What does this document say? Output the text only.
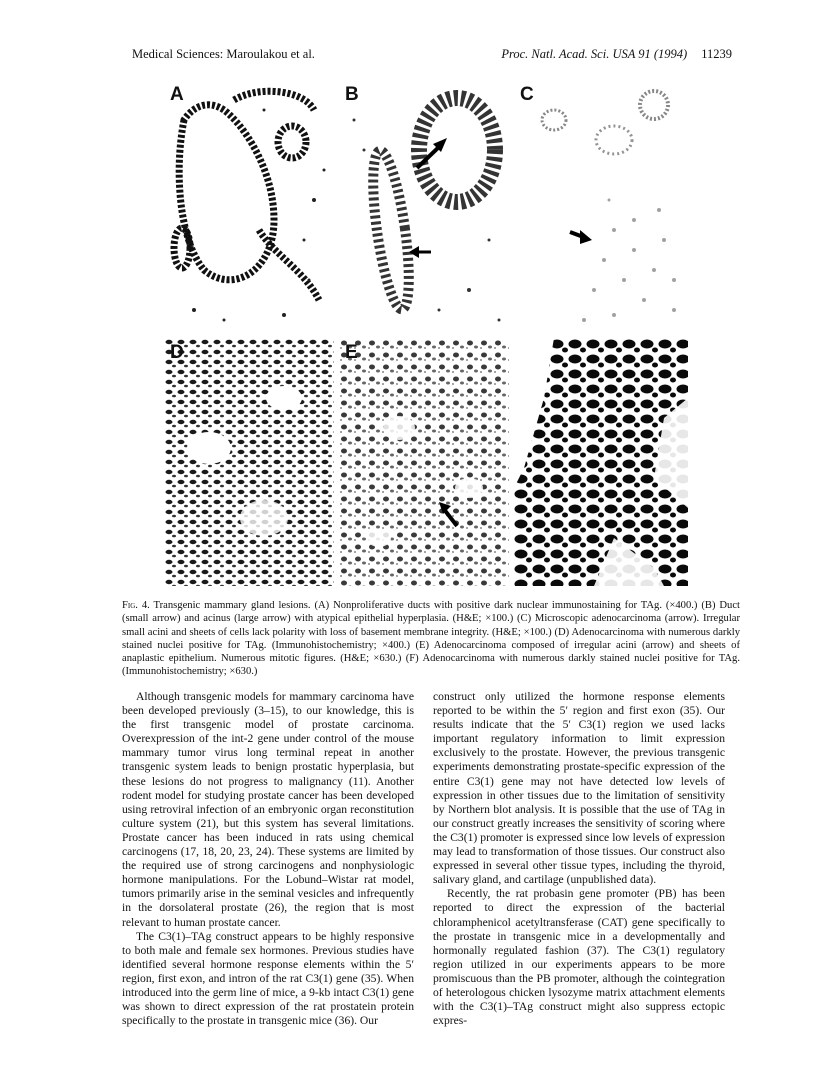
Medical Sciences: Maroulakou et al.	Proc. Natl. Acad. Sci. USA 91 (1994) 11239
A	B	C
D	E	F
Fig. 4. Transgenic mammary gland lesions. (A) Nonproliferative ducts with positive dark nuclear immunostaining for TAg. (×400.) (B) Duct (small arrow) and acinus (large arrow) with atypical epithelial hyperplasia. (H&E; ×100.) (C) Microscopic adenocarcinoma (arrow). Irregular small acini and sheets of cells lack polarity with loss of basement membrane integrity. (H&E; ×100.) (D) Adenocarcinoma with numerous darkly stained nuclei positive for TAg. (Immunohistochemistry; ×400.) (E) Adenocarcinoma composed of irregular acini (arrow) and sheets of anaplastic epithelium. Numerous mitotic figures. (H&E; ×630.) (F) Adenocarcinoma with numerous darkly stained nuclei positive for TAg. (Immunohistochemistry; ×630.)

Although transgenic models for mammary carcinoma have been developed previously (3–15), to our knowledge, this is the first transgenic model of prostate carcinoma. Overexpression of the int-2 gene under control of the mouse mammary tumor virus long terminal repeat in another transgenic system leads to benign prostatic hyperplasia, but these lesions do not progress to malignancy (11). Another rodent model for studying prostate cancer has been developed using retroviral infection of an embryonic organ reconstitution culture system (21), but this system has several limitations. Prostate cancer has been induced in rats using chemical carcinogens (17, 18, 20, 23, 24). These systems are limited by the required use of strong carcinogens and nonphysiologic hormone manipulations. For the Lobund–Wistar rat model, tumors primarily arise in the seminal vesicles and infrequently in the dorsolateral prostate (26), the region that is most relevant to human prostate cancer.

The C3(1)–TAg construct appears to be highly responsive to both male and female sex hormones. Previous studies have identified several hormone response elements within the 5′ region, first exon, and intron of the rat C3(1) gene (35). When introduced into the germ line of mice, a 9-kb intact C3(1) gene was shown to direct expression of the rat prostatein protein specifically to the prostate in transgenic mice (36). Our

construct only utilized the hormone response elements reported to be within the 5′ region and first exon (35). Our results indicate that the 5′ C3(1) region we used lacks important regulatory information to limit expression exclusively to the prostate. However, the previous transgenic experiments demonstrating prostate-specific expression of the entire C3(1) gene may not have detected low levels of expression in other tissues due to the limitation of sensitivity by Northern blot analysis. It is possible that the use of TAg in our construct greatly increases the sensitivity of scoring where the C3(1) promoter is expressed since low levels of expression may lead to transformation of those tissues. Our construct also expressed in several other tissue types, including the thyroid, salivary gland, and cartilage (unpublished data).

Recently, the rat probasin gene promoter (PB) has been reported to direct the expression of the bacterial chloramphenicol acetyltransferase (CAT) gene specifically to the prostate in transgenic mice in a developmentally and hormonally regulated fashion (37). The C3(1) regulatory region utilized in our experiments appears to be more promiscuous than the PB promoter, although the cointegration of heterologous chicken lysozyme matrix attachment elements with the C3(1)–TAg construct might also suppress ectopic expres-
